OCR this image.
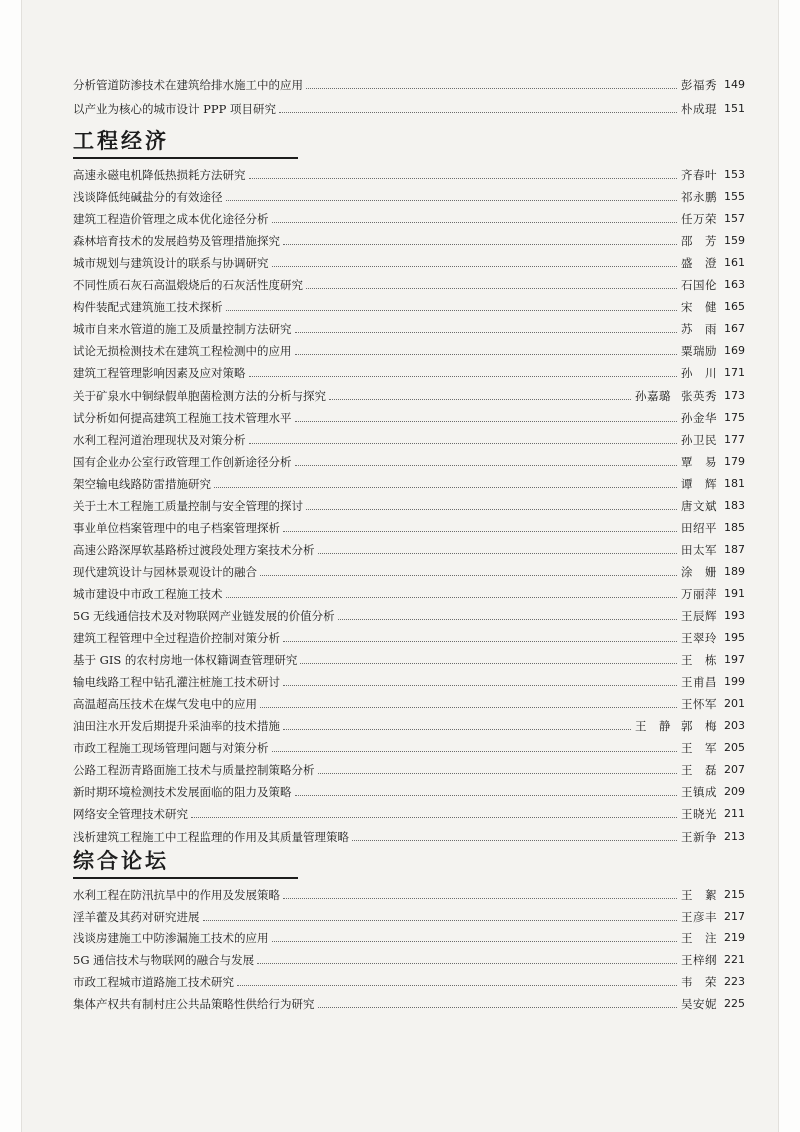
分析管道防渗技术在建筑给排水施工中的应用	彭福秀 149
以产业为核心的城市设计 PPP 项目研究	朴成琨 151
工程经济
高速永磁电机降低热损耗方法研究	齐春叶 153
浅谈降低纯碱盐分的有效途径	祁永鹏 155
建筑工程造价管理之成本优化途径分析	任万荣 157
森林培育技术的发展趋势及管理措施探究	邵　芳 159
城市规划与建筑设计的联系与协调研究	盛　澄 161
不同性质石灰石高温煅烧后的石灰活性度研究	石国伦 163
构件装配式建筑施工技术探析	宋　健 165
城市自来水管道的施工及质量控制方法研究	苏　雨 167
试论无损检测技术在建筑工程检测中的应用	粟瑞励 169
建筑工程管理影响因素及应对策略	孙　川 171
关于矿泉水中铜绿假单胞菌检测方法的分析与探究	孙嘉璐 张英秀 173
试分析如何提高建筑工程施工技术管理水平	孙金华 175
水利工程河道治理现状及对策分析	孙卫民 177
国有企业办公室行政管理工作创新途径分析	覃　易 179
架空输电线路防雷措施研究	谭　辉 181
关于土木工程施工质量控制与安全管理的探讨	唐文斌 183
事业单位档案管理中的电子档案管理探析	田绍平 185
高速公路深厚软基路桥过渡段处理方案技术分析	田太军 187
现代建筑设计与园林景观设计的融合	涂　姗 189
城市建设中市政工程施工技术	万丽萍 191
5G 无线通信技术及对物联网产业链发展的价值分析	王辰辉 193
建筑工程管理中全过程造价控制对策分析	王翠玲 195
基于 GIS 的农村房地一体权籍调查管理研究	王　栋 197
输电线路工程中钻孔灌注桩施工技术研讨	王甫昌 199
高温超高压技术在煤气发电中的应用	王怀军 201
油田注水开发后期提升采油率的技术措施	王　静 郭　梅 203
市政工程施工现场管理问题与对策分析	王　军 205
公路工程沥青路面施工技术与质量控制策略分析	王　磊 207
新时期环境检测技术发展面临的阻力及策略	王镇成 209
网络安全管理技术研究	王晓光 211
浅析建筑工程施工中工程监理的作用及其质量管理策略	王新争 213
综合论坛
水利工程在防汛抗旱中的作用及发展策略	王　絮 215
淫羊藿及其药对研究进展	王彦丰 217
浅谈房建施工中防渗漏施工技术的应用	王　注 219
5G 通信技术与物联网的融合与发展	王梓纲 221
市政工程城市道路施工技术研究	韦　荣 223
集体产权共有制村庄公共品策略性供给行为研究	吴安妮 225
